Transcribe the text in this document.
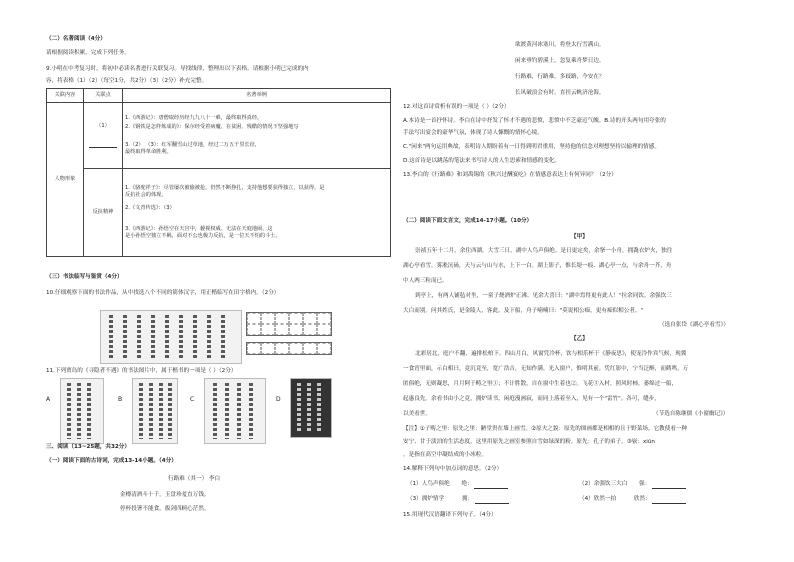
（二）名著阅读（4分）
请根据阅读积累，完成下列任务。
9.小明在中考复习时，将初中必读名著进行关联复习。导找线律，整理出以下表格。请根据小明已完成的内
容，将表格（1）（2）（每空1分，共2分）（3）（2分）补充完整。
关联内容	关联点	名著举例
人物形象	（1）	1.《西游记》：唐僧取经历经九九八十一难，最终取得真经。
2.《钢铁是怎样炼成的》：保尔经受着病魔、在贫困、残酷的情况下坚强地写
3.（2） （3）：红军翻雪山过草地，经过二万五千里长征，
最终取得革命胜利。

	反抗精神	1.《骆驼祥子》：尽管屡次被偷被抢，仍然不断挣扎，支持他想要获得独立，以获得，是
反抗社会的体现。
2.《文青传选》：（3）
3.《西游记》：孙悟空在天宫中，藐视权威、无法在天庭地闹，这
是小孙悟空独立不羁，面对不公也极力反抗，是一位天不怕的斗士。
（三）书法临写与鉴赏（4分）
10.仔细观察下面的书法作品，从中找选八个不同的简体汉字，用正楷临写在田字格内。（2分）
11.下列贾岛的《寻隐者不遇》的书法图片中，属于楷书的一项是（ ）（2分）
A	B	C	D
三、阅读（13~25题，共32分）
（一）阅读下面的古诗词，完成13-14小题。（4分）
行路难（其一） 李白
金樽清酒斗十千，玉盘珍羞直万钱。
停杯投箸不能食，拔剑四顾心茫然。
欲渡黄河冰塞川，将登太行雪满山。
闲来垂钓碧溪上，忽复乘舟梦日边。
行路难，行路难，多歧路，今安在？
长风破浪会有时，直挂云帆济沧海。
12.对这首诗赏析有误的一项是（ ）（2分）
A.本诗是一首抒怀诗。李白在诗中抒发了怀才不遇的悲愤，悲愤中不乏豪迈气魄。B.诗的开头两句用夸张的
手法写出宴会的豪华气氛，体现了诗人慷慨的情怀心境。
C."闲来"两句运用典故，表明诗人期盼着有一日得到明君重用，坚持他的信念对理想坚持以输理的情感。
D.这首诗是以跳荡的笔法来书写诗人的人生思索和情感的变化。
13.李白的《行路难》和刘禹锡的《秋兴过酬宴吃》在情感意表达上有何异同？（2分）
（二）阅读下面文言文，完成14-17小题。（10分）
【甲】
崇祯五年十二月，余住西湖。大雪三日，湖中人鸟声俱绝。是日更定矣，余拏一小舟，拥毳衣炉火，独往
湖心亭看雪。雾凇沆砀，天与云与山与水，上下一白。湖上影子，惟长堤一痕、湖心亭一点，与余舟一芥，舟
中人两三粒而已。
到亭上，有两人铺毡对坐，一童子烧酒炉正沸。见余大喜曰："湖中焉得更有此人！"拉余同饮。余强饮三
大白而别。问其姓氏，是金陵人，客此。及下船，舟子喃喃曰："莫说相公痴，更有痴似相公者。"
（选自张岱《湖心亭看雪》）
【乙】
北彩居北，庭户不翻，遍排松柏下。四山月白，风窗凭冷杯，饮与相乐杯于《静夜思》，使宠冷作宾气候，现冀
一食宵里面，示白相曰，竟沉竟至，宽广浩吉，无知作满。光入窗户，惟明其前。凭红影中，宁当泛醉，而鹤鸣，万
匿俱绝，无则凝思，月月阿于畴之里①；不计胜散，自在窗中生着也②。飞花③入村，照风时柿，萎绵过一船，
起惠良先。余看书由小之竟，拥炉读书，闲庭漫画寂，而同上落着至入，见有一个"雷竹"。各可，缝步，
以美看世。	（节选自陈继儒《小窗幽记》）
【注】①子畴之里：原先之里：陋堂贵在墙上画雪。②原夫之貌：原先的图画都是相相的且于野菜场，它教使看一种
安宁、甘于淡泊的生活态度。这里用原先之画室参照自雪如绿深的粉。原先：孔子的弟子。③嵚：xiūn
。是指在高空中凝结成的小冰粒。
14.解释下列句中加点词的意思。（2分）
（1）人鸟声俱绝 绝：	（2）余强饮三大白 强：
（3）拥炉情学	拥：	（4）欣然一拍	欣然：
15.用现代汉语翻译下列句子。（4分）
